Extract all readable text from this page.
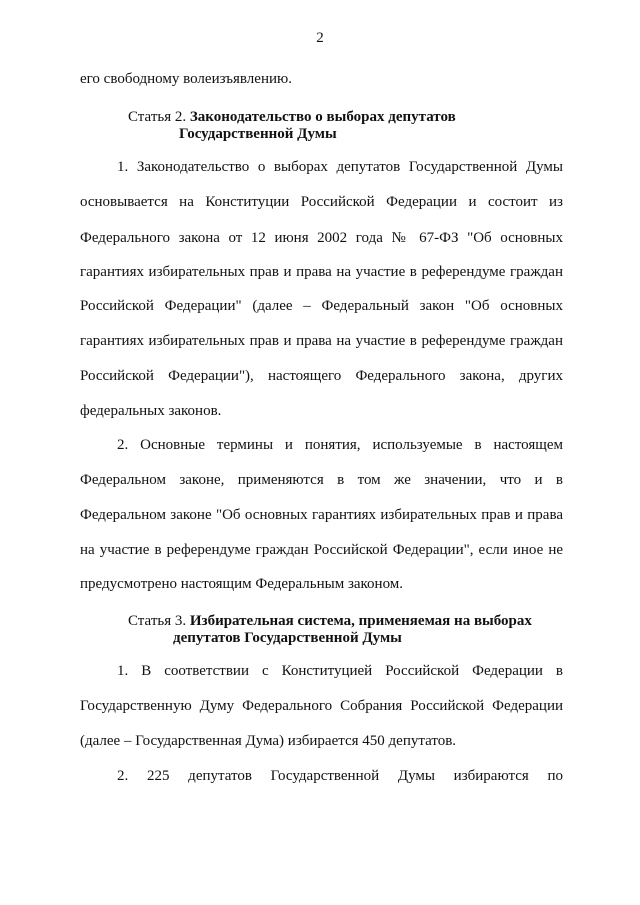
2
его свободному волеизъявлению.
Статья 2. Законодательство о выборах депутатов
Государственной Думы
1. Законодательство о выборах депутатов Государственной Думы
основывается на Конституции Российской Федерации и состоит из
Федерального закона от 12 июня 2002 года № 67-ФЗ "Об основных
гарантиях избирательных прав и права на участие в референдуме граждан
Российской Федерации" (далее – Федеральный закон "Об основных
гарантиях избирательных прав и права на участие в референдуме граждан
Российской Федерации"), настоящего Федерального закона, других
федеральных законов.
2. Основные термины и понятия, используемые в настоящем
Федеральном законе, применяются в том же значении, что и в
Федеральном законе "Об основных гарантиях избирательных прав и права
на участие в референдуме граждан Российской Федерации", если иное не
предусмотрено настоящим Федеральным законом.
Статья 3. Избирательная система, применяемая на выборах
депутатов Государственной Думы
1. В соответствии с Конституцией Российской Федерации в
Государственную Думу Федерального Собрания Российской Федерации
(далее – Государственная Дума) избирается 450 депутатов.
2. 225 депутатов Государственной Думы избираются по
